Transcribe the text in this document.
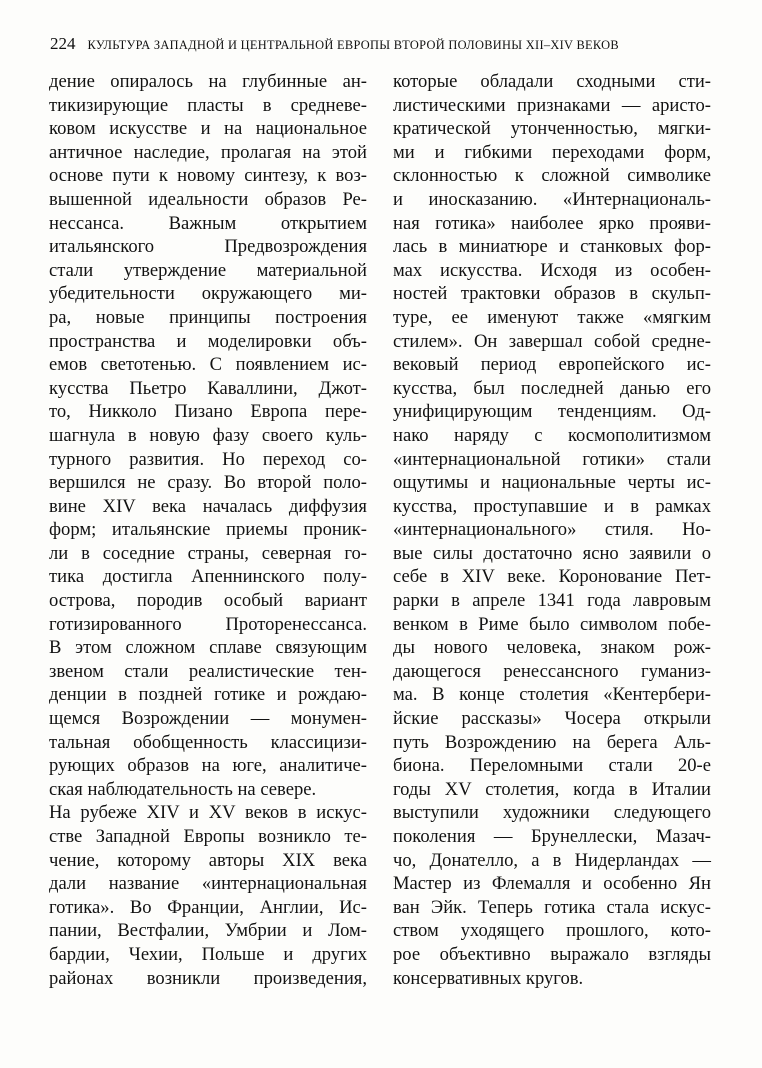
224 КУЛЬТУРА ЗАПАДНОЙ И ЦЕНТРАЛЬНОЙ ЕВРОПЫ ВТОРОЙ ПОЛОВИНЫ XII–XIV ВЕКОВ
дение опиралось на глубинные ан-
тикизирующие пласты в средневе-
ковом искусстве и на национальное
античное наследие, пролагая на этой
основе пути к новому синтезу, к воз-
вышенной идеальности образов Ре-
нессанса. Важным открытием
итальянского Предвозрождения
стали утверждение материальной
убедительности окружающего ми-
ра, новые принципы построения
пространства и моделировки объ-
емов светотенью. С появлением ис-
кусства Пьетро Каваллини, Джот-
то, Никколо Пизано Европа пере-
шагнула в новую фазу своего куль-
турного развития. Но переход со-
вершился не сразу. Во второй поло-
вине XIV века началась диффузия
форм; итальянские приемы проник-
ли в соседние страны, северная го-
тика достигла Апеннинского полу-
острова, породив особый вариант
готизированного Проторенессанса.
В этом сложном сплаве связующим
звеном стали реалистические тен-
денции в поздней готике и рождаю-
щемся Возрождении — монумен-
тальная обобщенность классицизи-
рующих образов на юге, аналитиче-
ская наблюдательность на севере.
На рубеже XIV и XV веков в искус-
стве Западной Европы возникло те-
чение, которому авторы XIX века
дали название «интернациональная
готика». Во Франции, Англии, Ис-
пании, Вестфалии, Умбрии и Лом-
бардии, Чехии, Польше и других
районах возникли произведения,
которые обладали сходными сти-
листическими признаками — аристо-
кратической утонченностью, мягки-
ми и гибкими переходами форм,
склонностью к сложной символике
и иносказанию. «Интернациональ-
ная готика» наиболее ярко прояви-
лась в миниатюре и станковых фор-
мах искусства. Исходя из особен-
ностей трактовки образов в скульп-
туре, ее именуют также «мягким
стилем». Он завершал собой средне-
вековый период европейского ис-
кусства, был последней данью его
унифицирующим тенденциям. Од-
нако наряду с космополитизмом
«интернациональной готики» стали
ощутимы и национальные черты ис-
кусства, проступавшие и в рамках
«интернационального» стиля. Но-
вые силы достаточно ясно заявили о
себе в XIV веке. Коронование Пет-
рарки в апреле 1341 года лавровым
венком в Риме было символом побе-
ды нового человека, знаком рож-
дающегося ренессансного гуманиз-
ма. В конце столетия «Кентербери-
йские рассказы» Чосера открыли
путь Возрождению на берега Аль-
биона. Переломными стали 20-е
годы XV столетия, когда в Италии
выступили художники следующего
поколения — Брунеллески, Мазач-
чо, Донателло, а в Нидерландах —
Мастер из Флемалля и особенно Ян
ван Эйк. Теперь готика стала искус-
ством уходящего прошлого, кото-
рое объективно выражало взгляды
консервативных кругов.
